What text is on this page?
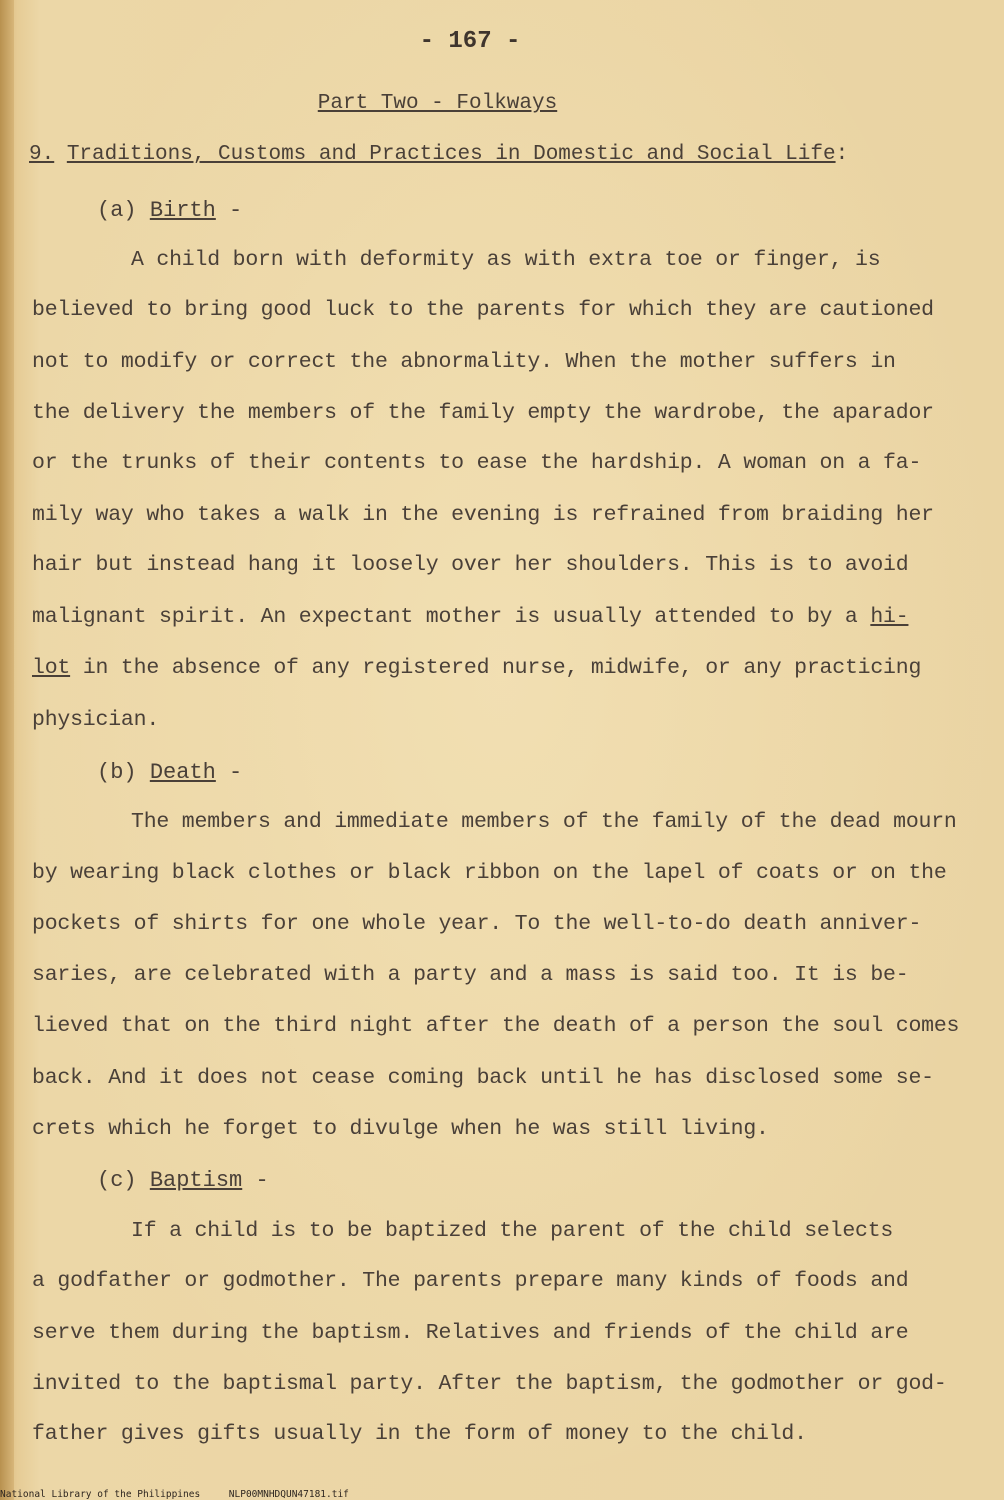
- 167 -
Part Two - Folkways
9. Traditions, Customs and Practices in Domestic and Social Life:
(a) Birth -
A child born with deformity as with extra toe or finger, is
believed to bring good luck to the parents for which they are cautioned
not to modify or correct the abnormality. When the mother suffers in
the delivery the members of the family empty the wardrobe, the aparador
or the trunks of their contents to ease the hardship. A woman on a fa-
mily way who takes a walk in the evening is refrained from braiding her
hair but instead hang it loosely over her shoulders. This is to avoid
malignant spirit. An expectant mother is usually attended to by a hi-
lot in the absence of any registered nurse, midwife, or any practicing
physician.
(b) Death -
The members and immediate members of the family of the dead mourn
by wearing black clothes or black ribbon on the lapel of coats or on the
pockets of shirts for one whole year. To the well-to-do death anniver-
saries, are celebrated with a party and a mass is said too. It is be-
lieved that on the third night after the death of a person the soul comes
back. And it does not cease coming back until he has disclosed some se-
crets which he forget to divulge when he was still living.
(c) Baptism -
If a child is to be baptized the parent of the child selects
a godfather or godmother. The parents prepare many kinds of foods and
serve them during the baptism. Relatives and friends of the child are
invited to the baptismal party. After the baptism, the godmother or god-
father gives gifts usually in the form of money to the child.
National Library of the Philippines	NLP00MNHDQUN47181.tif
